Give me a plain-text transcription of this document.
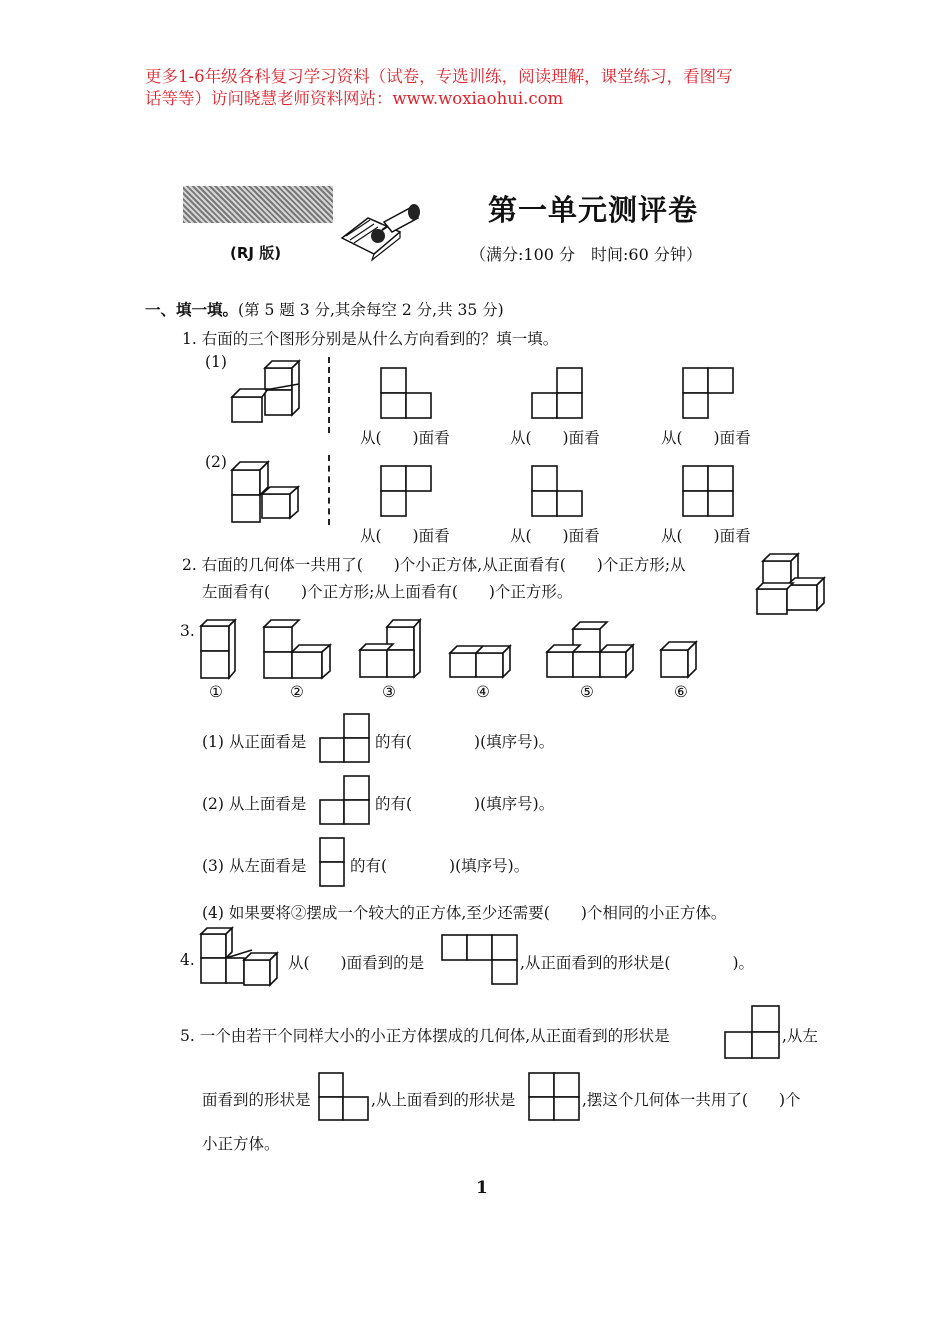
更多1-6年级各科复习学习资料（试卷，专选训练，阅读理解，课堂练习，看图写
话等等）访问晓慧老师资料网站：www.woxiaohui.com
(RJ 版)
第一单元测评卷
（满分:100 分　时间:60 分钟）
一、填一填。(第 5 题 3 分,其余每空 2 分,共 35 分)
1. 右面的三个图形分别是从什么方向看到的？填一填。
(1)
(2)
从(　　)面看	从(　　)面看	从(　　)面看
从(　　)面看	从(　　)面看	从(　　)面看
2. 右面的几何体一共用了(　　)个小正方体,从正面看有(　　)个正方形;从
左面看有(　　)个正方形;从上面看有(　　)个正方形。
3.
①	②	③	④	⑤	⑥
(1) 从正面看是	的有(　　　　)(填序号)。
(2) 从上面看是	的有(　　　　)(填序号)。
(3) 从左面看是	的有(　　　　)(填序号)。
(4) 如果要将②摆成一个较大的正方体,至少还需要(　　)个相同的小正方体。
4.	从(　　)面看到的是	,从正面看到的形状是(　　　　)。
5. 一个由若干个同样大小的小正方体摆成的几何体,从正面看到的形状是	,从左
面看到的形状是	,从上面看到的形状是	,摆这个几何体一共用了(　　)个
小正方体。
1
